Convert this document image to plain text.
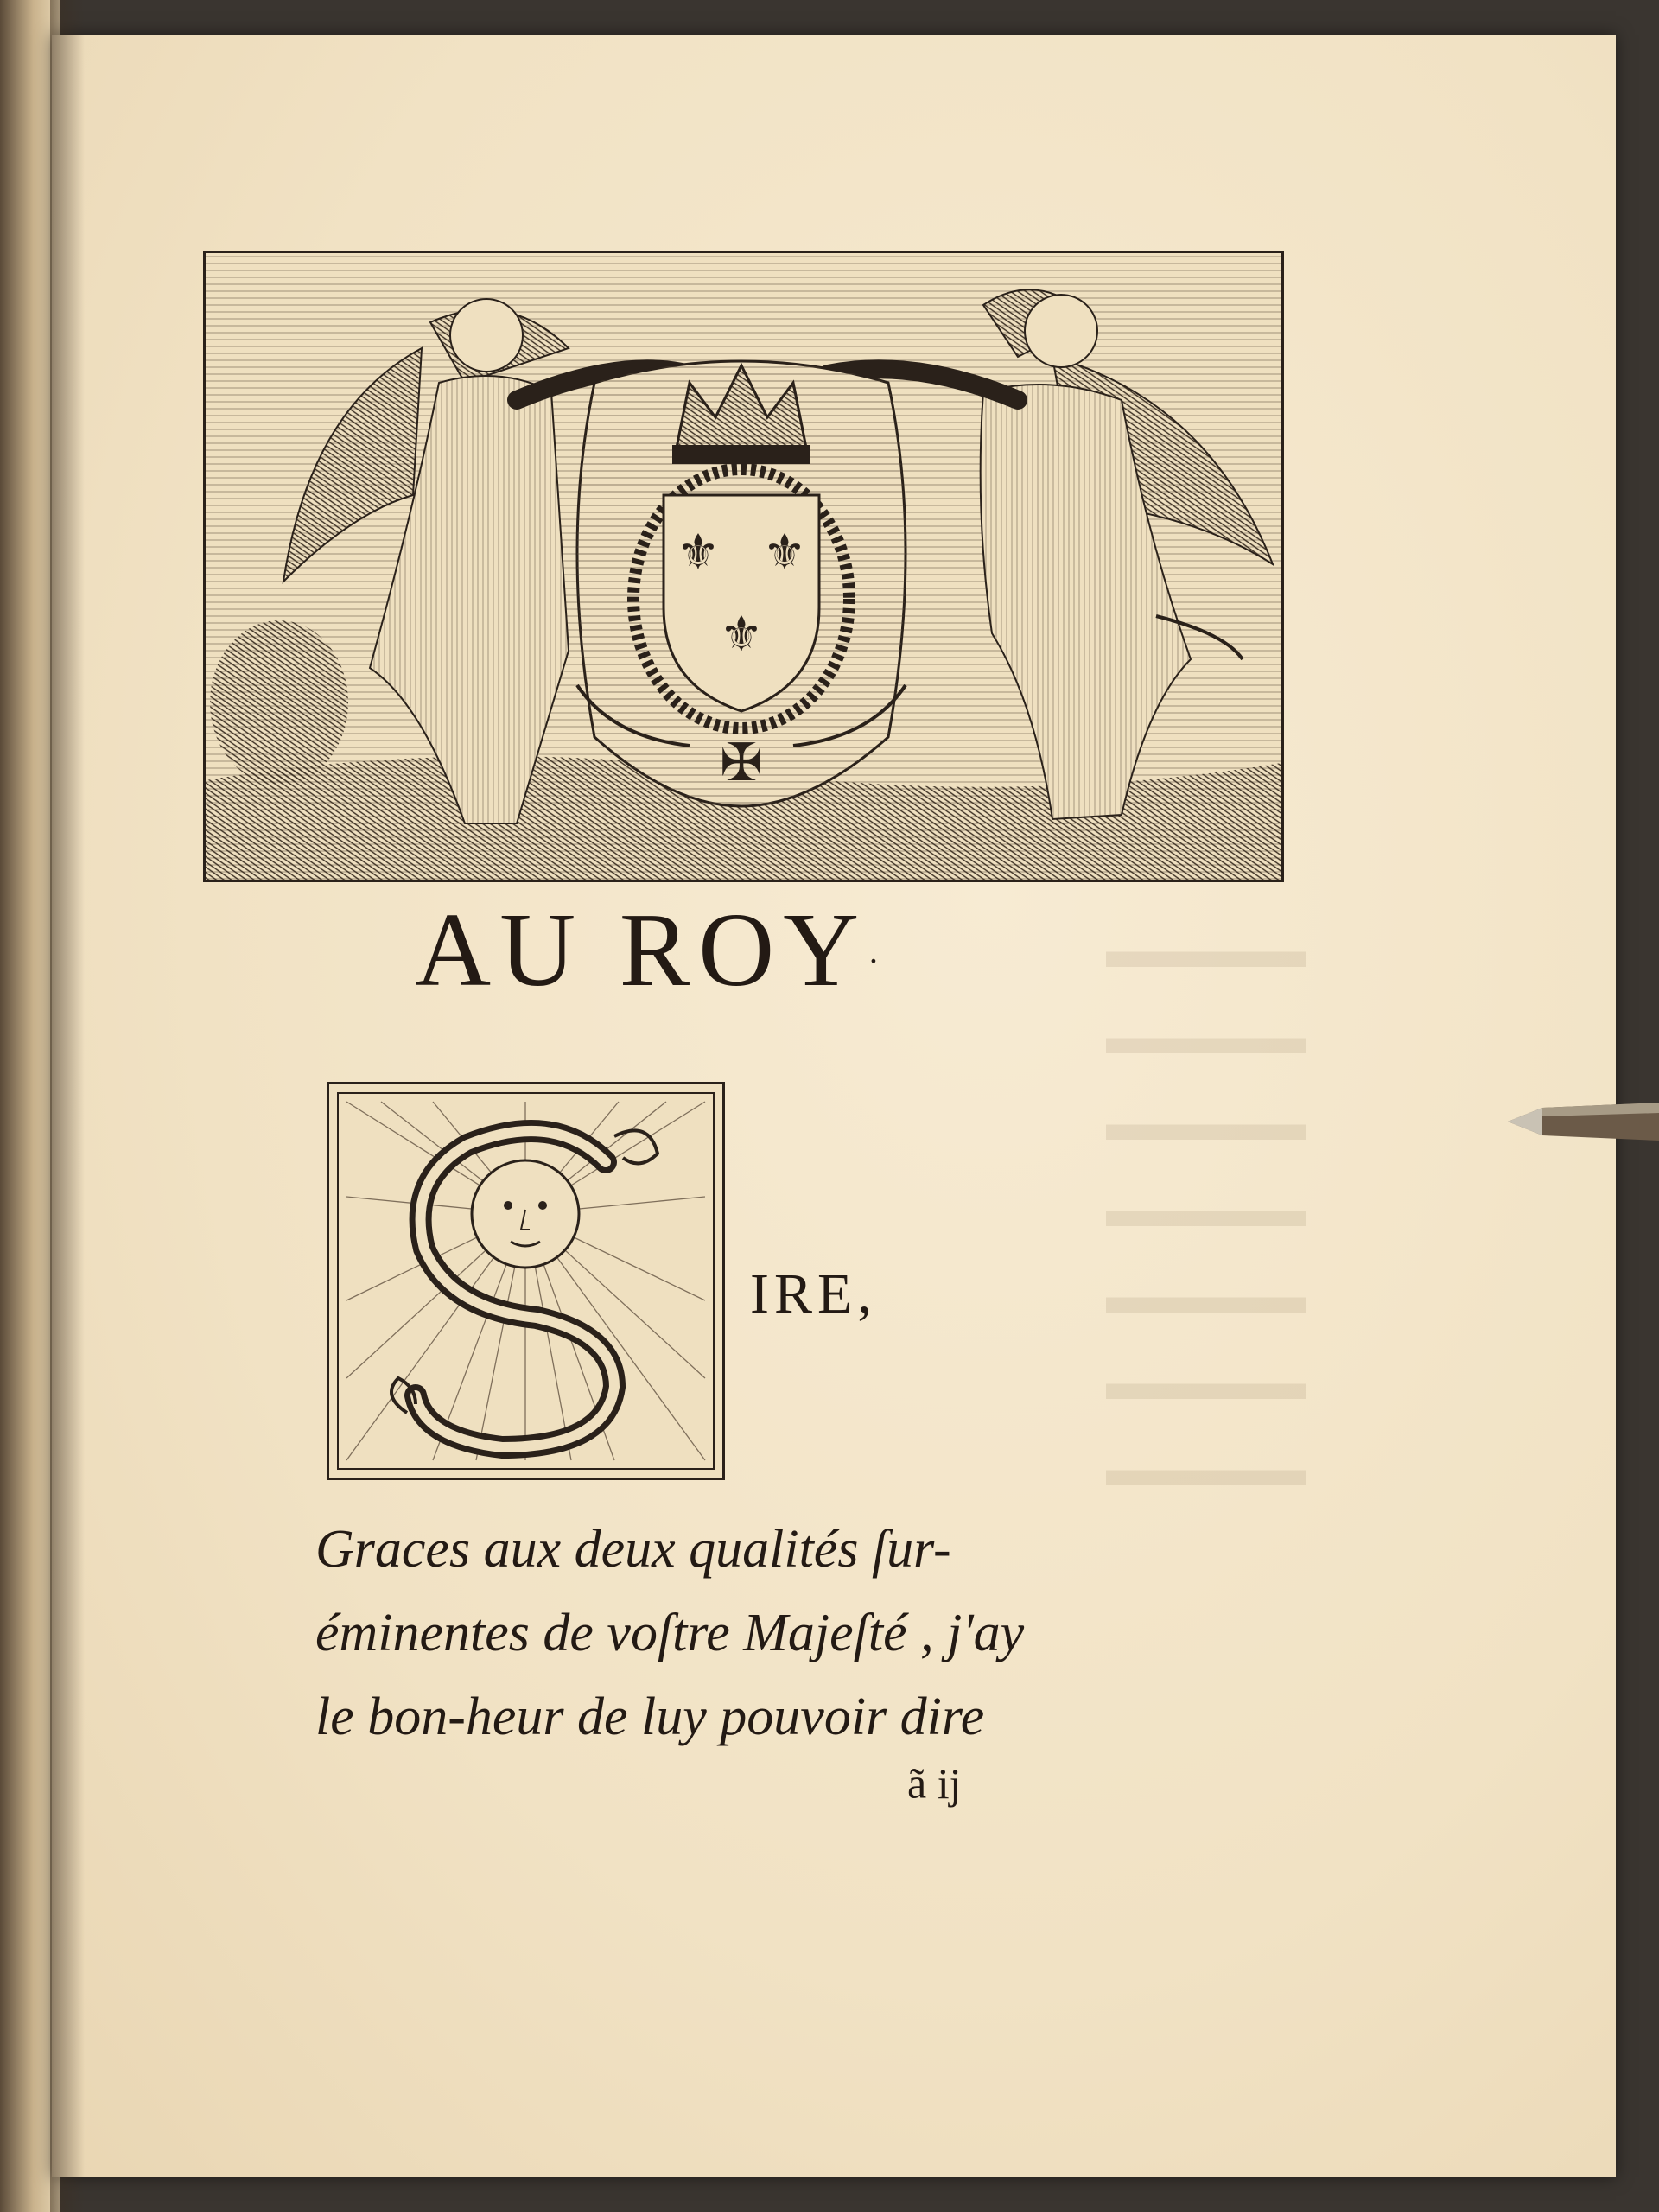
▬▬▬▬
▬▬▬▬
▬▬▬▬
▬▬▬▬
▬▬▬▬
▬▬▬▬
▬▬▬▬
⚜ ⚜
⚜
✠
AU ROY·
IRE,
Graces aux deux qualités ſur-
éminentes de voſtre Majeſté , j'ay
le bon-heur de luy pouvoir dire
ã ij
